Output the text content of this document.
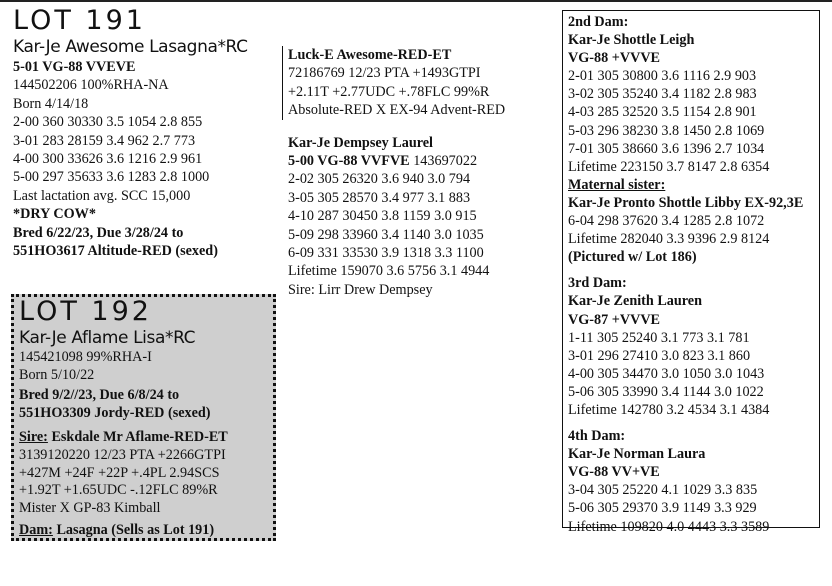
LOT 191
Kar-Je Awesome Lasagna*RC
5-01 VG-88 VVEVE
144502206 100%RHA-NA
Born 4/14/18
2-00 360 30330 3.5 1054 2.8 855
3-01 283 28159 3.4 962 2.7 773
4-00 300 33626 3.6 1216 2.9 961
5-00 297 35633 3.6 1283 2.8 1000
Last lactation avg. SCC 15,000
*DRY COW*
Bred 6/22/23, Due 3/28/24 to
551HO3617 Altitude-RED (sexed)
LOT 192
Kar-Je Aflame Lisa*RC
145421098 99%RHA-I
Born 5/10/22
Bred 9/2//23, Due 6/8/24 to
551HO3309 Jordy-RED (sexed)
Sire: Eskdale Mr Aflame-RED-ET
3139120220 12/23 PTA +2266GTPI
+427M +24F +22P +.4PL 2.94SCS
+1.92T +1.65UDC -.12FLC 89%R
Mister X GP-83 Kimball
Dam: Lasagna (Sells as Lot 191)
Luck-E Awesome-RED-ET
72186769 12/23 PTA +1493GTPI
+2.11T +2.77UDC +.78FLC 99%R
Absolute-RED X EX-94 Advent-RED
Kar-Je Dempsey Laurel
5-00 VG-88 VVFVE 143697022
2-02 305 26320 3.6 940 3.0 794
3-05 305 28570 3.4 977 3.1 883
4-10 287 30450 3.8 1159 3.0 915
5-09 298 33960 3.4 1140 3.0 1035
6-09 331 33530 3.9 1318 3.3 1100
Lifetime 159070 3.6 5756 3.1 4944
Sire: Lirr Drew Dempsey
2nd Dam:
Kar-Je Shottle Leigh
VG-88 +VVVE
2-01 305 30800 3.6 1116 2.9 903
3-02 305 35240 3.4 1182 2.8 983
4-03 285 32520 3.5 1154 2.8 901
5-03 296 38230 3.8 1450 2.8 1069
7-01 305 38660 3.6 1396 2.7 1034
Lifetime 223150 3.7 8147 2.8 6354
Maternal sister:
Kar-Je Pronto Shottle Libby EX-92,3E
6-04 298 37620 3.4 1285 2.8 1072
Lifetime 282040 3.3 9396 2.9 8124
(Pictured w/ Lot 186)
3rd Dam:
Kar-Je Zenith Lauren
VG-87 +VVVE
1-11 305 25240 3.1 773 3.1 781
3-01 296 27410 3.0 823 3.1 860
4-00 305 34470 3.0 1050 3.0 1043
5-06 305 33990 3.4 1144 3.0 1022
Lifetime 142780 3.2 4534 3.1 4384
4th Dam:
Kar-Je Norman Laura
VG-88 VV+VE
3-04 305 25220 4.1 1029 3.3 835
5-06 305 29370 3.9 1149 3.3 929
Lifetime 109820 4.0 4443 3.3 3589
